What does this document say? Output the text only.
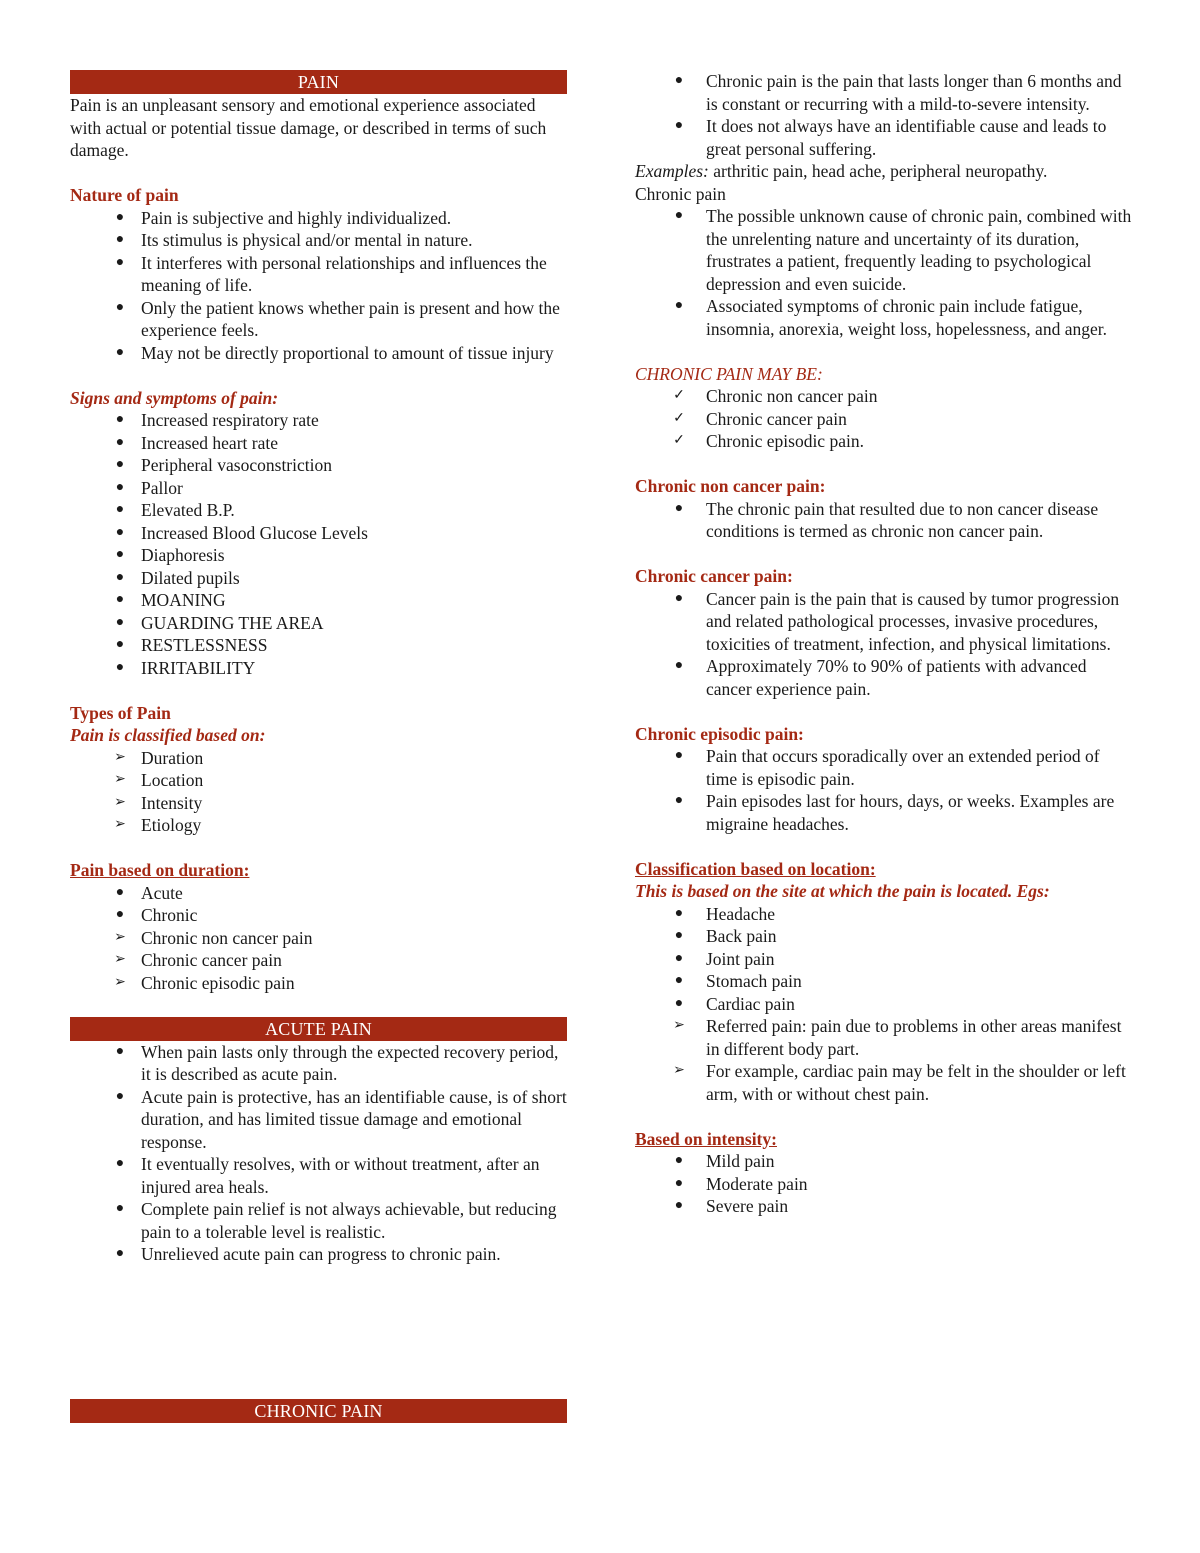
PAIN

Pain is an unpleasant sensory and emotional experience associated with actual or potential tissue damage, or described in terms of such damage.

Nature of pain
● Pain is subjective and highly individualized.
● Its stimulus is physical and/or mental in nature.
● It interferes with personal relationships and influences the meaning of life.
● Only the patient knows whether pain is present and how the experience feels.
● May not be directly proportional to amount of tissue injury
Signs and symptoms of pain:
● Increased respiratory rate
● Increased heart rate
● Peripheral vasoconstriction
● Pallor
● Elevated B.P.
● Increased Blood Glucose Levels
● Diaphoresis
● Dilated pupils
● MOANING
● GUARDING THE AREA
● RESTLESSNESS
● IRRITABILITY
Types of Pain
Pain is classified based on:
➢ Duration
➢ Location
➢ Intensity
➢ Etiology
Pain based on duration:
● Acute
● Chronic
➢ Chronic non cancer pain
➢ Chronic cancer pain
➢ Chronic episodic pain
ACUTE PAIN
● When pain lasts only through the expected recovery period, it is described as acute pain.
● Acute pain is protective, has an identifiable cause, is of short duration, and has limited tissue damage and emotional response.
● It eventually resolves, with or without treatment, after an injured area heals.
● Complete pain relief is not always achievable, but reducing pain to a tolerable level is realistic.
● Unrelieved acute pain can progress to chronic pain.
CHRONIC PAIN
● Chronic pain is the pain that lasts longer than 6 months and is constant or recurring with a mild-to-severe intensity.
● It does not always have an identifiable cause and leads to great personal suffering.

Examples: arthritic pain, head ache, peripheral neuropathy.

Chronic pain

● The possible unknown cause of chronic pain, combined with the unrelenting nature and uncertainty of its duration, frustrates a patient, frequently leading to psychological depression and even suicide.
● Associated symptoms of chronic pain include fatigue, insomnia, anorexia, weight loss, hopelessness, and anger.
CHRONIC PAIN MAY BE:
✓ Chronic non cancer pain
✓ Chronic cancer pain
✓ Chronic episodic pain.
Chronic non cancer pain:
● The chronic pain that resulted due to non cancer disease conditions is termed as chronic non cancer pain.
Chronic cancer pain:
● Cancer pain is the pain that is caused by tumor progression and related pathological processes, invasive procedures, toxicities of treatment, infection, and physical limitations.
● Approximately 70% to 90% of patients with advanced cancer experience pain.
Chronic episodic pain:
● Pain that occurs sporadically over an extended period of time is episodic pain.
● Pain episodes last for hours, days, or weeks. Examples are migraine headaches.
Classification based on location:
This is based on the site at which the pain is located. Egs:
● Headache
● Back pain
● Joint pain
● Stomach pain
● Cardiac pain
➢ Referred pain: pain due to problems in other areas manifest in different body part.
➢ For example, cardiac pain may be felt in the shoulder or left arm, with or without chest pain.
Based on intensity:
● Mild pain
● Moderate pain
● Severe pain
